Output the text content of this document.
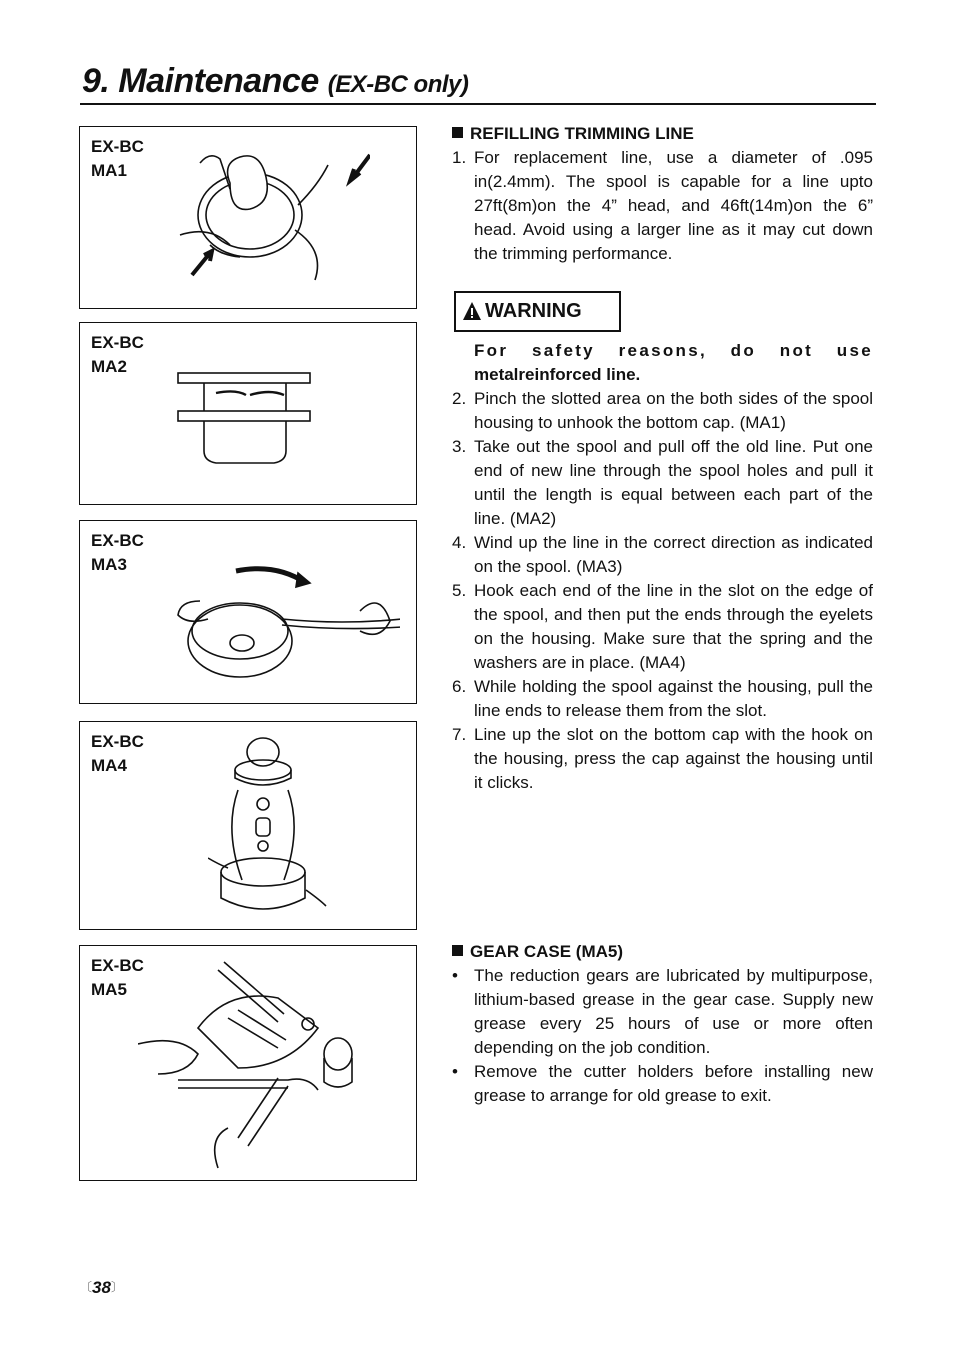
9. Maintenance (EX-BC only)
EX-BC
MA1
EX-BC
MA2
EX-BC
MA3
EX-BC
MA4
EX-BC
MA5
REFILLING TRIMMING LINE
1. For replacement line, use a diameter of .095 in(2.4mm). The spool is capable for a line upto 27ft(8m)on the 4” head, and 46ft(14m)on the 6” head. Avoid using a larger line as it may cut down the trimming performance.
WARNING
For safety reasons, do not use
metalreinforced line.
2. Pinch the slotted area on the both sides of the spool housing to unhook the bottom cap. (MA1)
3. Take out the spool and pull off the old line. Put one end of new line through the spool holes and pull it until the length is equal between each part of the line. (MA2)
4. Wind up the line in the correct direction as indicated on the spool. (MA3)
5. Hook each end of the line in the slot on the edge of the spool, and then put the ends through the eyelets on the housing. Make sure that the spring and the washers are in place. (MA4)
6. While holding the spool against the housing, pull the line ends to release them from the slot.
7. Line up the slot on the bottom cap with the hook on the housing, press the cap against the housing until it clicks.
GEAR CASE (MA5)
• The reduction gears are lubricated by multipurpose, lithium-based grease in the gear case. Supply new grease every 25 hours of use or more often depending on the job condition.
• Remove the cutter holders before installing new grease to arrange for old grease to exit.
〔38〕
